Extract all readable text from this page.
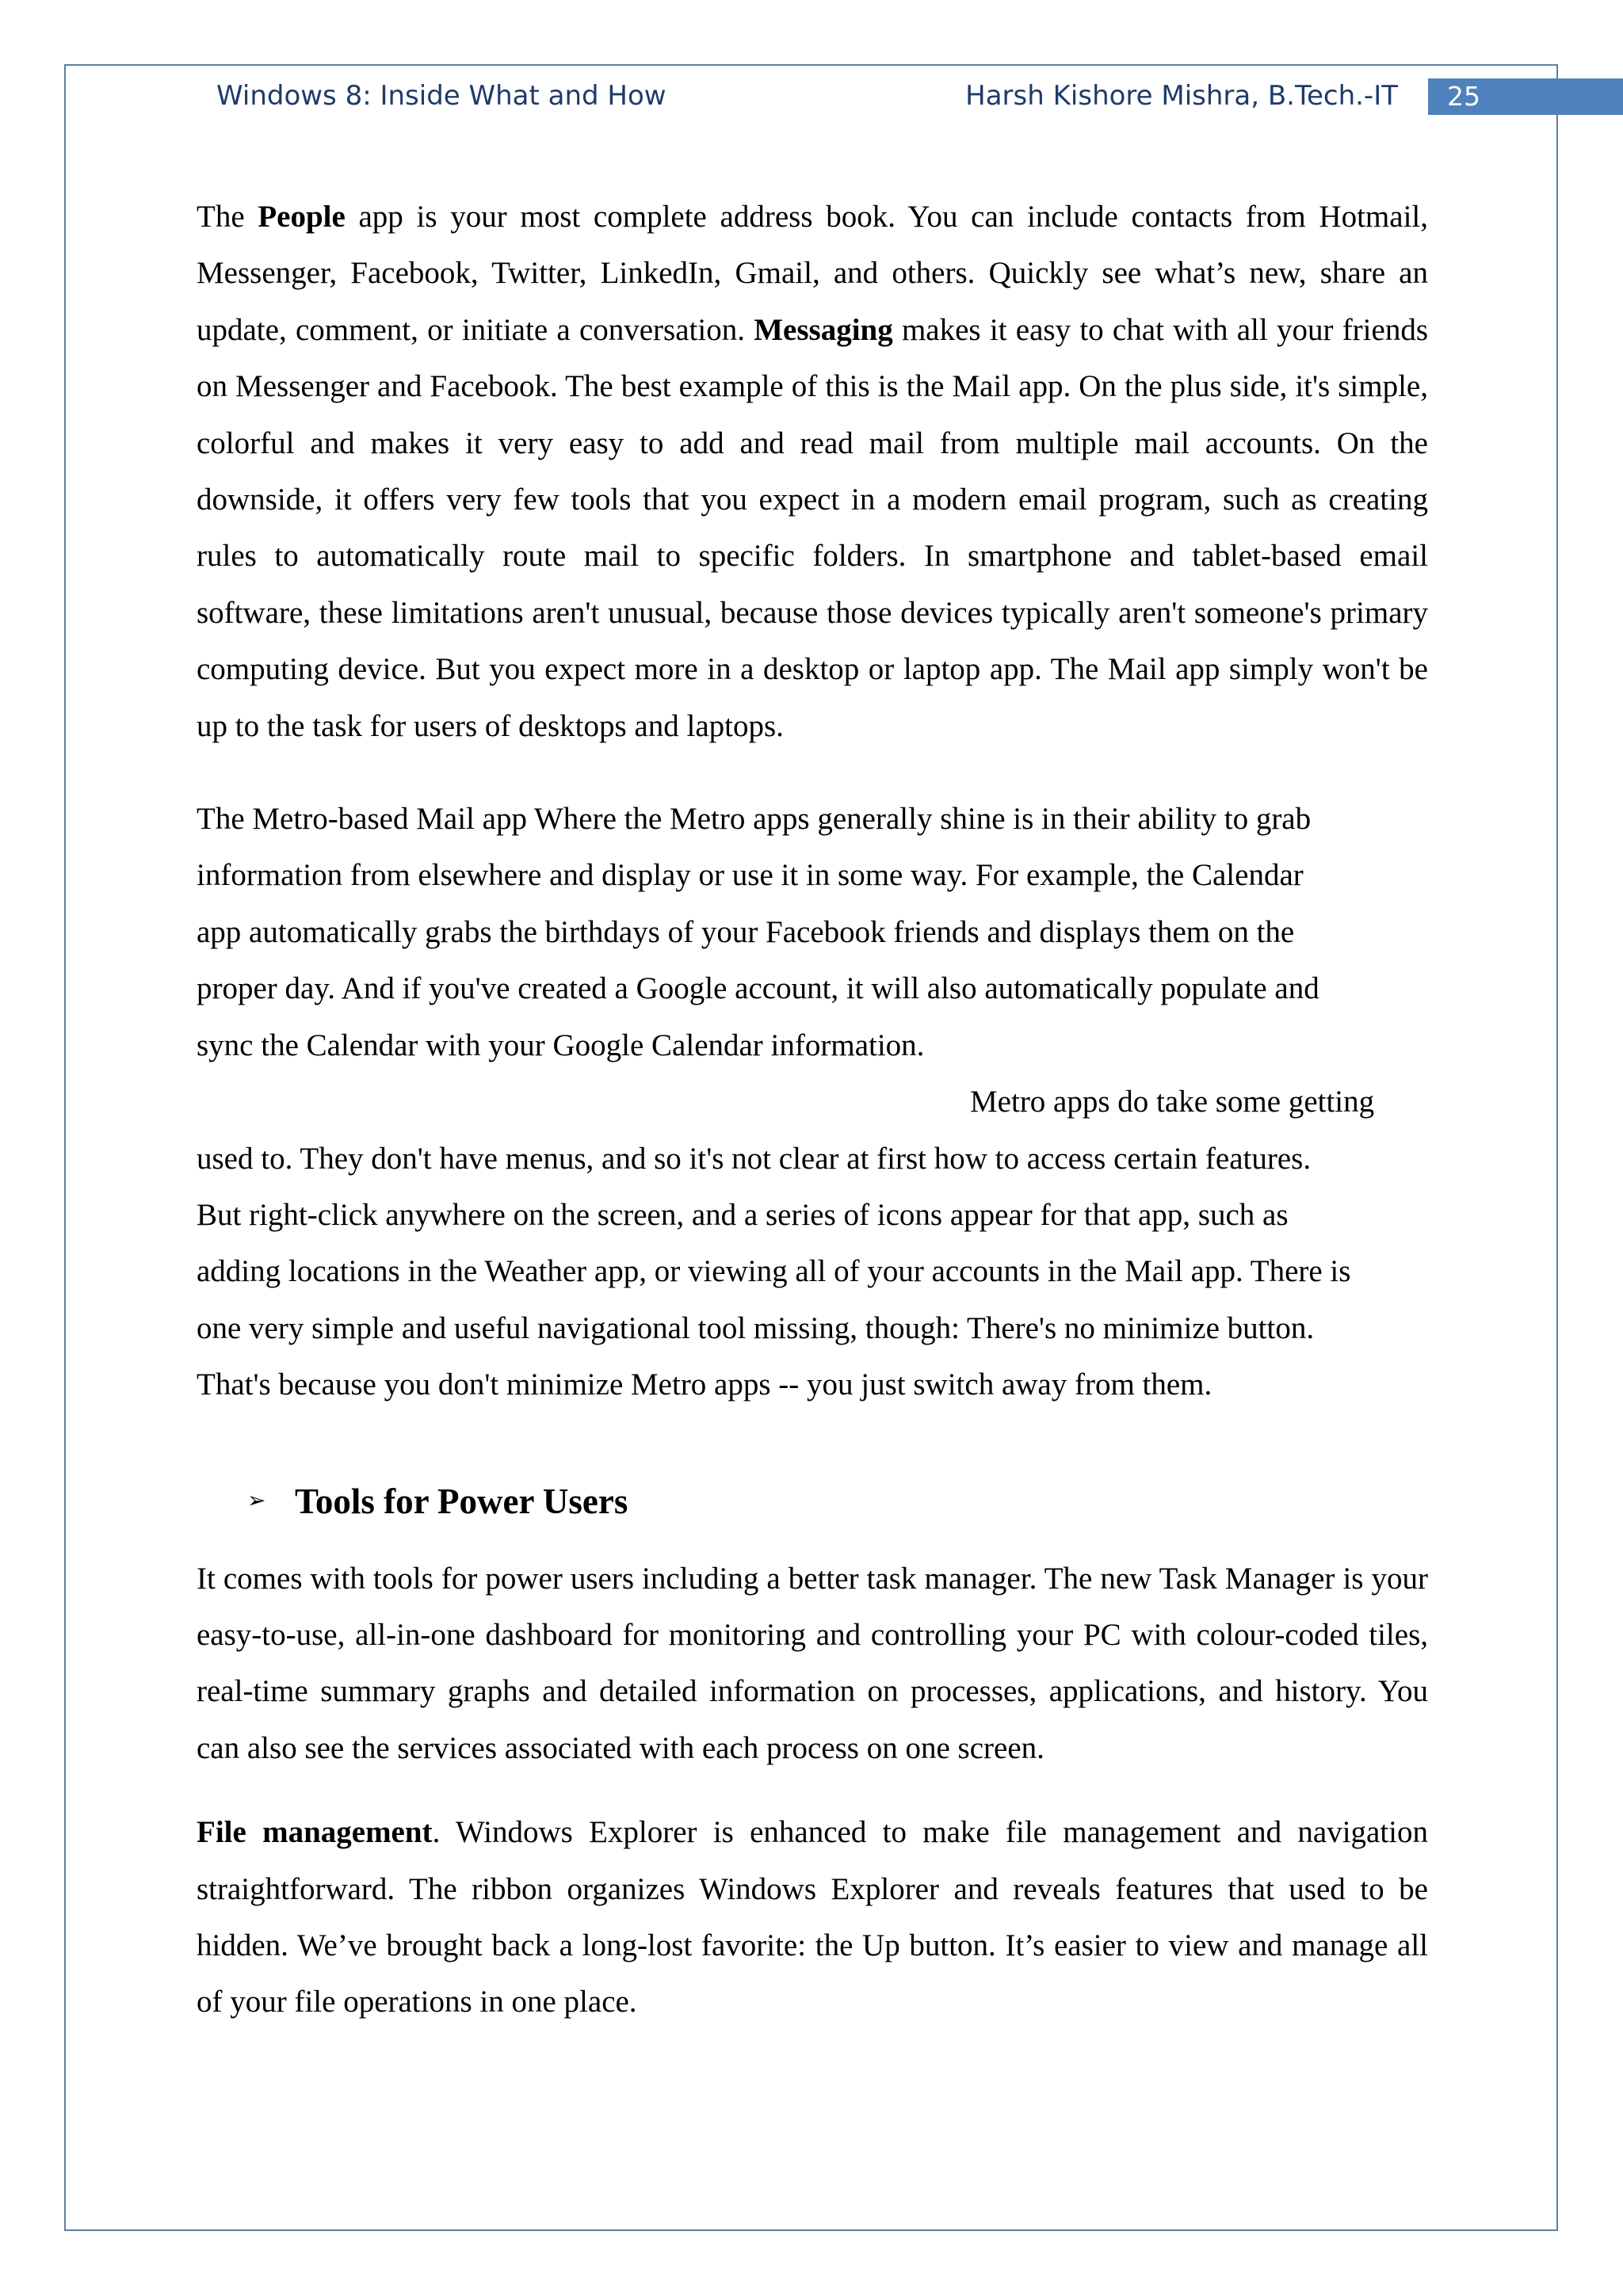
Windows 8: Inside What and How	Harsh Kishore Mishra, B.Tech.-IT	25

The People app is your most complete address book. You can include contacts from Hotmail, Messenger, Facebook, Twitter, LinkedIn, Gmail, and others. Quickly see what’s new, share an update, comment, or initiate a conversation. Messaging makes it easy to chat with all your friends on Messenger and Facebook. The best example of this is the Mail app. On the plus side, it's simple, colorful and makes it very easy to add and read mail from multiple mail accounts. On the downside, it offers very few tools that you expect in a modern email program, such as creating rules to automatically route mail to specific folders. In smartphone and tablet-based email software, these limitations aren't unusual, because those devices typically aren't someone's primary computing device. But you expect more in a desktop or laptop app. The Mail app simply won't be up to the task for users of desktops and laptops.

The Metro-based Mail app Where the Metro apps generally shine is in their ability to grab
information from elsewhere and display or use it in some way. For example, the Calendar
app automatically grabs the birthdays of your Facebook friends and displays them on the
proper day. And if you've created a Google account, it will also automatically populate and
sync the Calendar with your Google Calendar information.

Metro apps do take some getting
used to. They don't have menus, and so it's not clear at first how to access certain features.
But right-click anywhere on the screen, and a series of icons appear for that app, such as
adding locations in the Weather app, or viewing all of your accounts in the Mail app. There is
one very simple and useful navigational tool missing, though: There's no minimize button.
That's because you don't minimize Metro apps -- you just switch away from them.

➢ Tools for Power Users

It comes with tools for power users including a better task manager. The new Task Manager is your easy-to-use, all-in-one dashboard for monitoring and controlling your PC with colour-coded tiles, real-time summary graphs and detailed information on processes, applications, and history. You can also see the services associated with each process on one screen.

File management. Windows Explorer is enhanced to make file management and navigation straightforward. The ribbon organizes Windows Explorer and reveals features that used to be hidden. We’ve brought back a long-lost favorite: the Up button. It’s easier to view and manage all of your file operations in one place.
